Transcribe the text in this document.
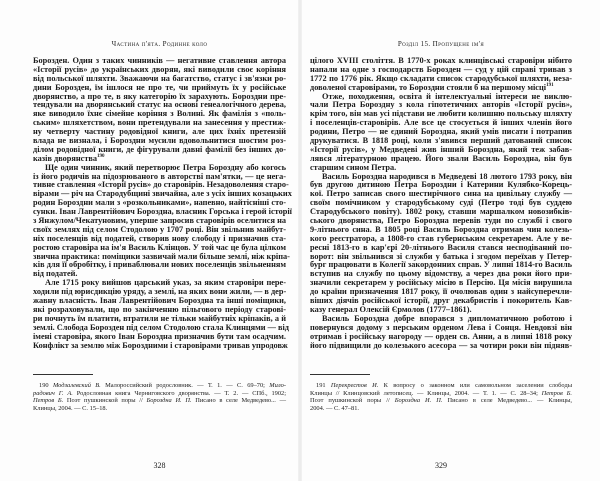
Частина п'ята. Родинне коло
Борозден. Один з таких чинників — негативне ставлення автора
«Історії русів» до українських дворян, які виводили своє коріння
від польської шляхти. Зважаючи на багатство, статус і зв'язки ро-
дини Борозден, їм ішлося не про те, чи приймуть їх у російське
дворянство, а про те, в яку категорію їх зарахують. Бороздни пре-
тендували на дворянський статус на основі генеалогічного дерева,
яке виводило їхнє сімейне коріння з Волині. Як фамілія з «поль-
ським» шляхетством, вони претендували на занесення у престиж-
ну четверту частину родовідної книги, але цих їхніх претензій
влада не визнала, і Бороздни мусили вдовольнитися шостим роз-
ділом родовідної книги, де фігурували давні фамілії без інших до-
казів дворянства$^{190}$
Ще один чинник, який перетворює Петра Бороздну або когось
із його родичів на підозрюваного в авторстві пам'ятки, — це нега-
тивне ставлення «Історії русів» до старовірів. Незадоволення старо-
вірами — річ на Стародубщині звичайна, але з усіх інших козацьких
родин Бороздни мали з «розкольниками», напевно, найтісніші сто-
сунки. Іван Лаврентійович Бороздна, власник Горська і герой історії
з Янжулом/Чекатуновим, уперше запросив старовірів оселитися на
своїх землях під селом Стодолою у 1707 році. Він звільнив майбут-
ніх поселенців від податей, створив нову слободу і призначив ста-
ростою старовіра на ім'я Василь Клінцов. У той час це була цілком
звична практика: поміщики зазвичай мали більше землі, ніж кріпа-
ків для її обробітку, і приваблювали нових поселенців звільненням
від податей.
Але 1715 року вийшов царський указ, за яким старовіри пере-
ходили під юрисдикцію уряду, а землі, на яких вони жили, — в дер-
жавну власність. Іван Лаврентійович Бороздна та інші поміщики,
які розраховували, що по закінченню пільгового періоду старові-
ри почнуть їм платити, втратили не тільки майбутніх кріпаків, а й
землі. Слобода Борозден під селом Стодолою стала Клинцями — від
імені старовіра, якого Іван Бороздна призначив бути там осадчим.
Конфлікт за землю між Бороздними і старовірами тривав упродовж
190 Модзалевский В. Малороссийский родословник. — Т. 1. — С. 69–70; Мило-
радович Г. А. Родословная книга Черниговского дворянства. — Т. 2. — СПб., 1902;
Петров Б. Поэт пушкинской поры // Бороздна И. П. Писано в селе Медведево... —
Клинцы, 2004. — С. 15–18.
328
Розділ 15. Пропущене ім'я
цілого XVIII століття. В 1770-х роках клинцівські старовіри нібито
напали на одне з господарств Борозден — суд у цій справі тривав з
1772 по 1776 рік. Якщо складати список стародубської шляхти, неза-
доволеної старовірами, то Бороздни стояли б на першому місці$^{191}$
Отже, походження, освіта й інтелектуальні інтереси не виклю-
чали Петра Бороздну з кола гіпотетичних авторів «Історії русів»,
крім того, він мав усі підстави не любити колишню польську шляхту
і поселенців-старовірів. Але все це стосується й інших членів його
родини, Петро — не єдиний Бороздна, який умів писати і потрапив
друкуватися. В 1818 році, коли з'явився перший датований список
«Історії русів», у Медведеві жив інший Бороздна, який теж забав-
лявся літературною працею. Його звали Василь Бороздна, він був
старшим сином Петра.
Василь Бороздна народився в Медведеві 18 лютого 1793 року, він
був другою дитиною Петра Бороздни і Катерини Кулябко-Корець-
кої. Петро записав свого шестирічного сина на цивільну службу —
своїм помічником у стародубському суді (Петро тоді був суддею
Стародубського повіту). 1802 року, ставши маршалком новозибків-
ського дворянства, Петро Бороздна перевів туди по службі і свого
9-літнього сина. В 1805 році Василь Бороздна отримав чин колезь-
кого реєстратора, а 1808-го став губернським секретарем. Але у ве-
ресні 1813-го в кар'єрі 20-літнього Василя стався несподіваний по-
ворот: він звільнився зі служби у батька і згодом переїхав у Петер-
бург працювати в Колегії закордонних справ. У липні 1814-го Василь
вступив на службу по цьому відомству, а через два роки його при-
значили секретарем у російську місію в Персію. Ця місія вирушила
до країни призначення 1817 року, її очолював один з найсуперечли-
віших діячів російської історії, друг декабристів і покоритель Кав-
казу генерал Олексій Єрмолов (1777–1861).
Василь Бороздна добре впорався з дипломатичною роботою і
повернувся додому з перським орденом Лева і Сонця. Невдовзі він
отримав і російську нагороду — орден св. Анни, а в липні 1818 року
його підвищили до колезького асесора — за чотири роки він підняв-
191 Перекрестов И. К вопросу о законном или самовольном заселении слободы
Клинцы // Клинцовский летописец. — Клинцы, 2004. — Т. 1. — С. 28–34; Петров Б.
Поэт пушкинской поры // Бороздна И. П. Писано в селе Медведево... — Клинцы,
2004. — С. 47–81.
329
